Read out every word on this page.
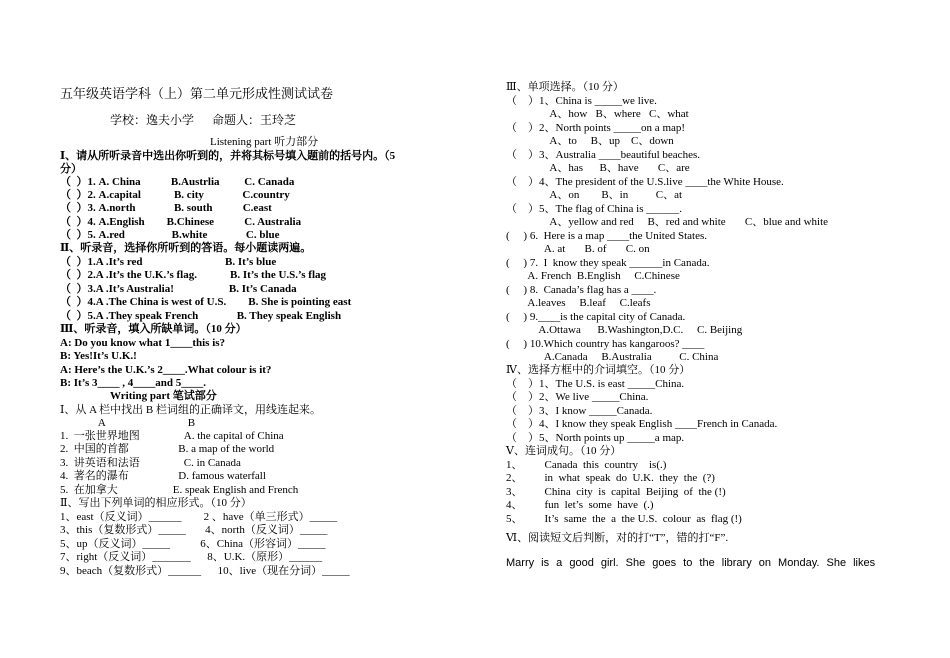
五年级英语学科（上）第二单元形成性测试试卷
学校：逸夫小学      命题人：王玲芝
Listening part 听力部分
Ⅰ、请从所听录音中选出你听到的，并将其标号填入题前的括号内。（5
分）
（  ）1. A. China           B.Austrlia         C. Canada
（  ）2. A.capital            B. city              C.country
（  ）3. A.north              B. south           C.east
（  ）4. A.English        B.Chinese           C. Australia
（  ）5. A.red                 B.white              C. blue
Ⅱ、听录音，选择你所听到的答语。每小题读两遍。
（  ）1.A .It’s red                              B. It’s blue
（  ）2.A .It’s the U.K.’s flag.            B. It’s the U.S.’s flag
（  ）3.A .It’s Australia!                    B. It’s Canada
（  ）4.A .The China is west of U.S.        B. She is pointing east
（  ）5.A .They speak French              B. They speak English
Ⅲ、听录音，填入所缺单词。（10 分）
A: Do you know what 1____this is?
B: Yes!It’s U.K.!
A: Here’s the U.K.’s 2____.What colour is it?
B: It’s 3____ , 4____and 5____.
Writing part 笔试部分
Ⅰ、从 A 栏中找出 B 栏词组的正确译文，用线连起来。
A                              B
1.  一张世界地图                A. the capital of China
2.  中国的首都                  B. a map of the world
3.  讲英语和法语                C. in Canada
4.  著名的瀑布                  D. famous waterfall
5.  在加拿大                    E. speak English and French
Ⅱ、写出下列单词的相应形式。（10 分）
1、east（反义词）______        2 、have（单三形式）_____
3、this（复数形式）_____       4、north（反义词）_____
5、up（反义词）_____           6、China（形容词）_____
7、right（反义词）_______      8、U.K.（原形）______
9、beach（复数形式）______      10、live（现在分词）_____
Ⅲ、单项选择。（10 分）
（    ）1、China is _____we live.
A、how   B、where   C、what
（    ）2、North points _____on a map!
A、to     B、up    C、down
（    ）3、Australia ____beautiful beaches.
A、has      B、have       C、are
（    ）4、The president of the U.S.live ____the White House.
A、on        B、in          C、at
（    ）5、The flag of China is ______.
A、yellow and red     B、red and white       C、blue and white
(     ) 6.  Here is a map ____the United States.
A. at       B. of       C. on
(     ) 7.  I  know they speak ______in Canada.
A. French  B.English     C.Chinese
(     ) 8.  Canada’s flag has a ____.
A.leaves     B.leaf     C.leafs
(     ) 9.____is the capital city of Canada.
A.Ottawa      B.Washington,D.C.     C. Beijing
(     ) 10.Which country has kangaroos? ____
A.Canada     B.Australia          C. China
Ⅳ、选择方框中的介词填空。（10 分）
（    ）1、The U.S. is east _____China.
（    ）2、We live _____China.
（    ）3、I know _____Canada.
（    ）4、I know they speak English ____French in Canada.
（    ）5、North points up _____a map.
Ⅴ、连词成句。（10 分）
1、        Canada  this  country    is(.)
2、        in  what  speak  do  U.K.  they  the  (?)
3、        China  city  is  capital  Beijing  of  the (!)
4、        fun  let’s  some  have  (.)
5、        It’s  same  the  a  the U.S.  colour  as  flag (!)
Ⅵ、阅读短文后判断，对的打“T”，错的打“F”.
Marry is a good girl. She goes to the library on Monday. She likes
